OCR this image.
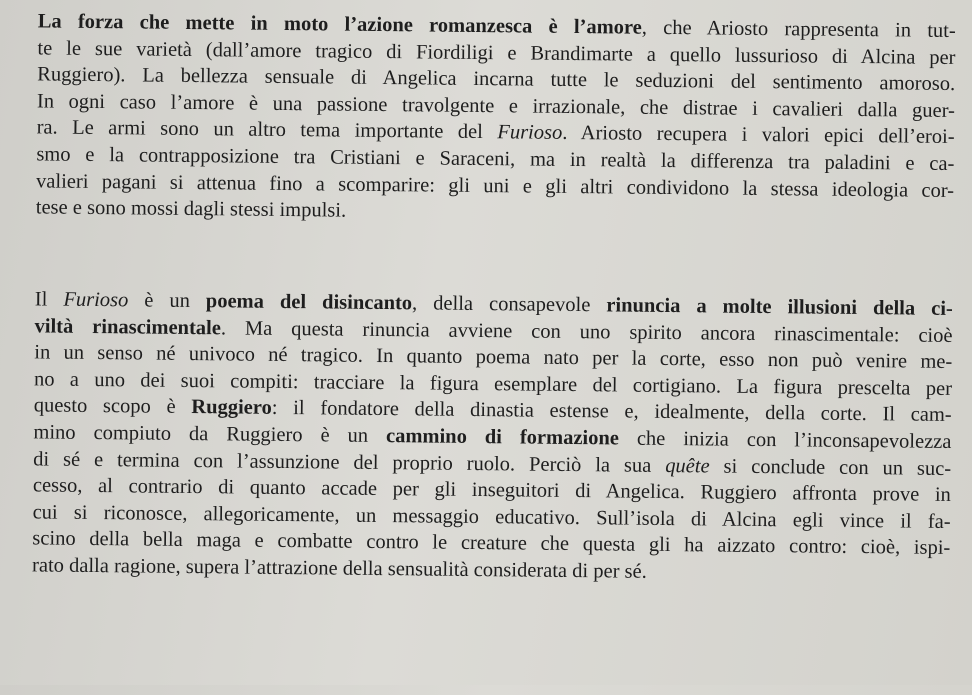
La forza che mette in moto l’azione romanzesca è l’amore, che Ariosto rappresenta in tut-
te le sue varietà (dall’amore tragico di Fiordiligi e Brandimarte a quello lussurioso di Alcina per
Ruggiero). La bellezza sensuale di Angelica incarna tutte le seduzioni del sentimento amoroso.
In ogni caso l’amore è una passione travolgente e irrazionale, che distrae i cavalieri dalla guer-
ra. Le armi sono un altro tema importante del Furioso. Ariosto recupera i valori epici dell’eroi-
smo e la contrapposizione tra Cristiani e Saraceni, ma in realtà la differenza tra paladini e ca-
valieri pagani si attenua fino a scomparire: gli uni e gli altri condividono la stessa ideologia cor-
tese e sono mossi dagli stessi impulsi.

Il Furioso è un poema del disincanto, della consapevole rinuncia a molte illusioni della ci-
viltà rinascimentale. Ma questa rinuncia avviene con uno spirito ancora rinascimentale: cioè
in un senso né univoco né tragico. In quanto poema nato per la corte, esso non può venire me-
no a uno dei suoi compiti: tracciare la figura esemplare del cortigiano. La figura prescelta per
questo scopo è Ruggiero: il fondatore della dinastia estense e, idealmente, della corte. Il cam-
mino compiuto da Ruggiero è un cammino di formazione che inizia con l’inconsapevolezza
di sé e termina con l’assunzione del proprio ruolo. Perciò la sua quête si conclude con un suc-
cesso, al contrario di quanto accade per gli inseguitori di Angelica. Ruggiero affronta prove in
cui si riconosce, allegoricamente, un messaggio educativo. Sull’isola di Alcina egli vince il fa-
scino della bella maga e combatte contro le creature che questa gli ha aizzato contro: cioè, ispi-
rato dalla ragione, supera l’attrazione della sensualità considerata di per sé.
